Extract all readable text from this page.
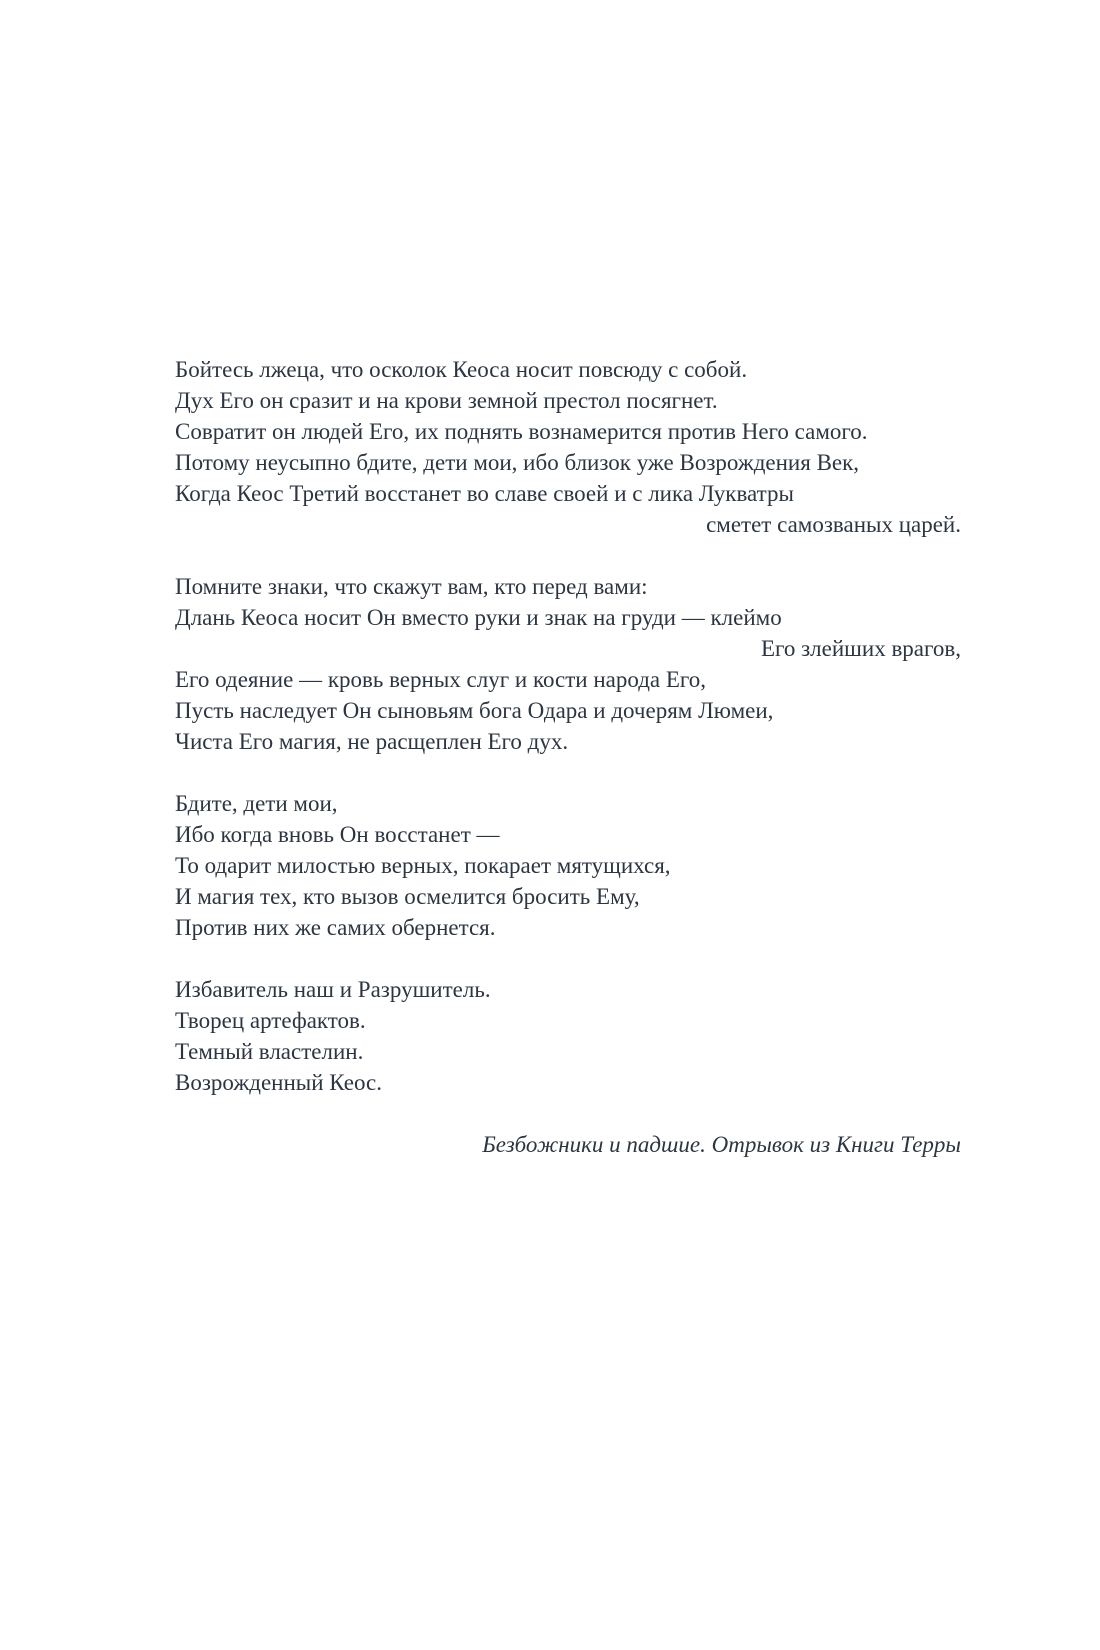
Бойтесь лжеца, что осколок Кеоса носит повсюду с собой.
Дух Его он сразит и на крови земной престол посягнет.
Совратит он людей Его, их поднять вознамерится против Него самого.
Потому неусыпно бдите, дети мои, ибо близок уже Возрождения Век,
Когда Кеос Третий восстанет во славе своей и с лика Лукватры
сметет самозваных царей.
Помните знаки, что скажут вам, кто перед вами:
Длань Кеоса носит Он вместо руки и знак на груди — клеймо
Его злейших врагов,
Его одеяние — кровь верных слуг и кости народа Его,
Пусть наследует Он сыновьям бога Одара и дочерям Люмеи,
Чиста Его магия, не расщеплен Его дух.
Бдите, дети мои,
Ибо когда вновь Он восстанет —
То одарит милостью верных, покарает мятущихся,
И магия тех, кто вызов осмелится бросить Ему,
Против них же самих обернется.
Избавитель наш и Разрушитель.
Творец артефактов.
Темный властелин.
Возрожденный Кеос.
Безбожники и падшие. Отрывок из Книги Терры
